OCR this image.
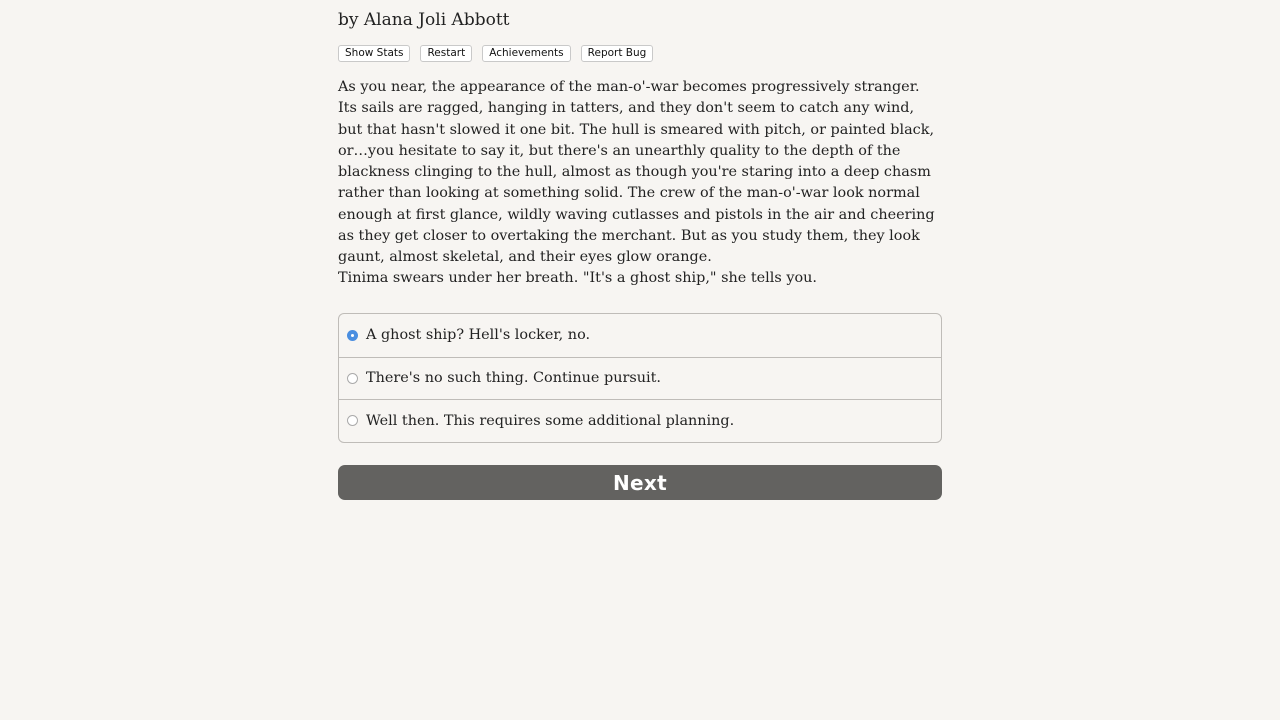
by Alana Joli Abbott
Show Stats	Restart	Achievements	Report Bug

As you near, the appearance of the man-o'-war becomes progressively stranger. Its sails are ragged, hanging in tatters, and they don't seem to catch any wind, but that hasn't slowed it one bit. The hull is smeared with pitch, or painted black, or…you hesitate to say it, but there's an unearthly quality to the depth of the blackness clinging to the hull, almost as though you're staring into a deep chasm rather than looking at something solid. The crew of the man-o'-war look normal enough at first glance, wildly waving cutlasses and pistols in the air and cheering as they get closer to overtaking the merchant. But as you study them, they look gaunt, almost skeletal, and their eyes glow orange.

Tinima swears under her breath. "It's a ghost ship," she tells you.

A ghost ship? Hell's locker, no.
There's no such thing. Continue pursuit.
Well then. This requires some additional planning.
Next
